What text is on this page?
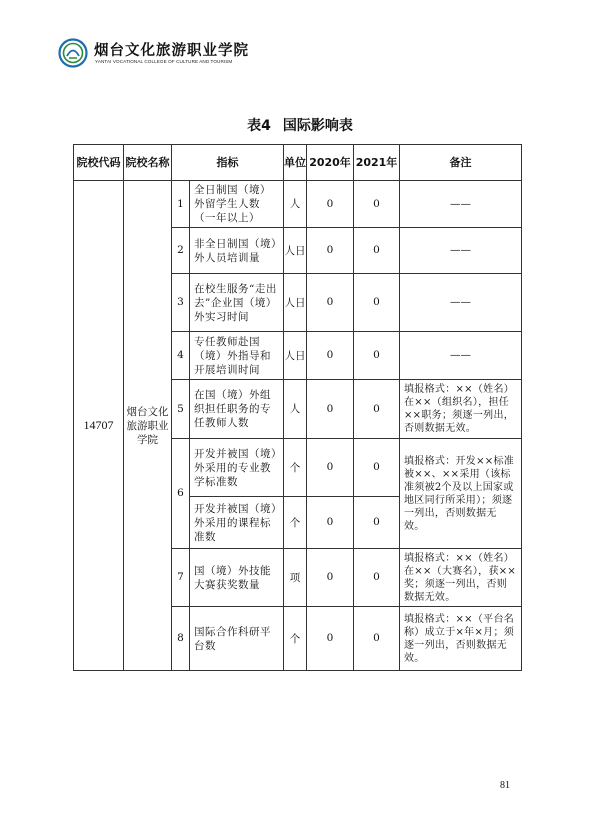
烟台文化旅游职业学院
YANTAI VOCATIONAL COLLEGE OF CULTURE AND TOURISM
表4 国际影响表
院校代码	院校名称	指标		单位	2020年	2021年	备注
14707	烟台文化旅游职业学院	1	全日制国（境）外留学生人数（一年以上）	人	0	0	——
		2	非全日制国（境）外人员培训量	人日	0	0	——
		3	在校生服务“走出去”企业国（境）外实习时间	人日	0	0	——
		4	专任教师赴国（境）外指导和开展培训时间	人日	0	0	——
		5	在国（境）外组织担任职务的专任教师人数	人	0	0	填报格式：××（姓名）在××（组织名），担任××职务；须逐一列出，否则数据无效。
		6	开发并被国（境）外采用的专业教学标准数	个	0	0	填报格式：开发××标准被××、××采用（该标准须被2个及以上国家或地区同行所采用）；须逐一列出，否则数据无效。
			开发并被国（境）外采用的课程标准数	个	0	0	
		7	国（境）外技能大赛获奖数量	项	0	0	填报格式：××（姓名）在××（大赛名），获××奖；须逐一列出，否则数据无效。
		8	国际合作科研平台数	个	0	0	填报格式：××（平台名称）成立于×年×月；须逐一列出，否则数据无效。
81
